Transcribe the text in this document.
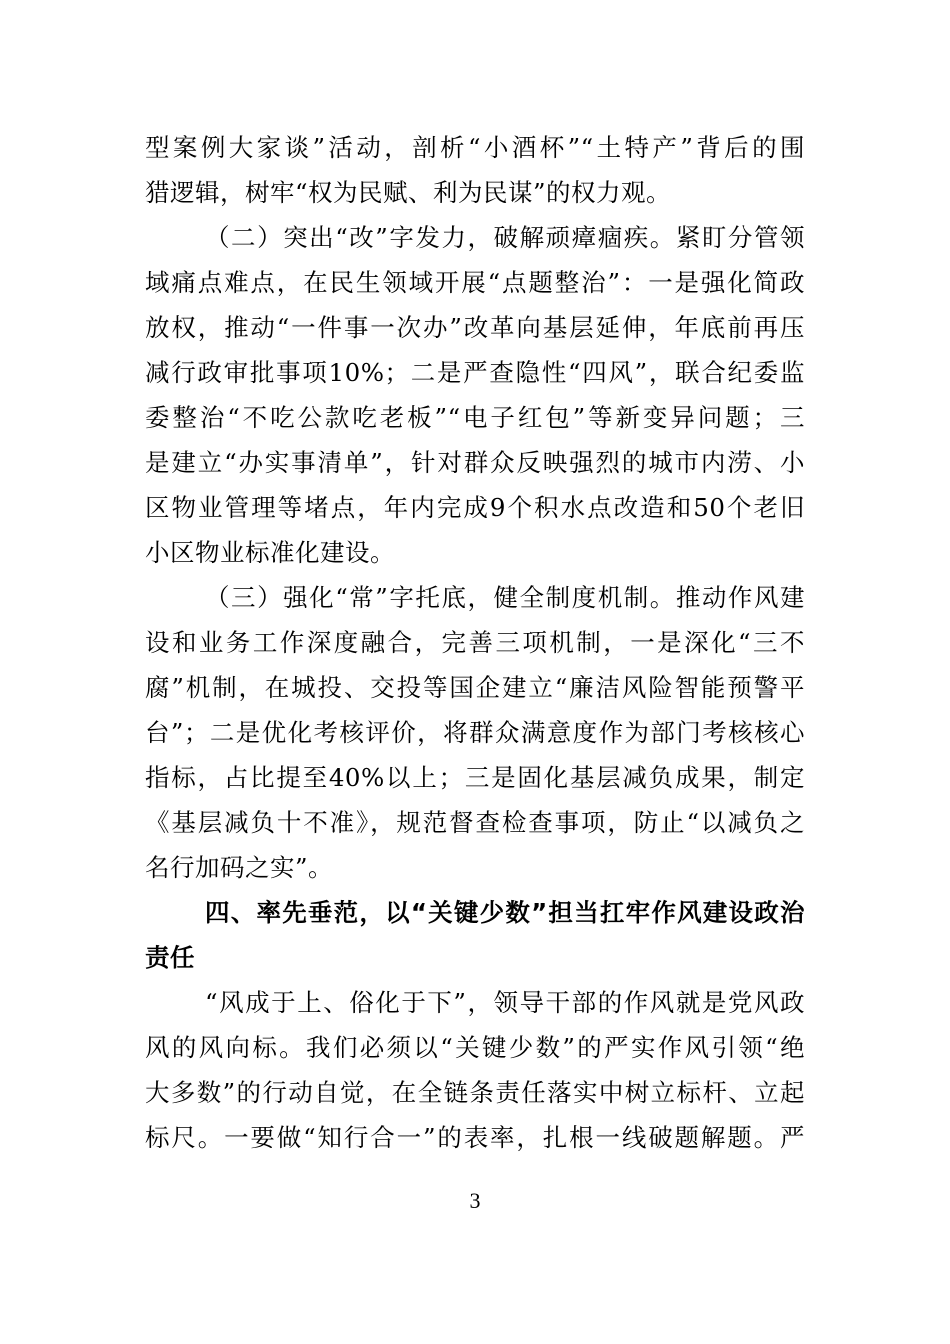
型案例大家谈”活动，剖析“小酒杯”“土特产”背后的围
猎逻辑，树牢“权为民赋、利为民谋”的权力观。
（二）突出“改”字发力，破解顽瘴痼疾。紧盯分管领
域痛点难点，在民生领域开展“点题整治”：一是强化简政
放权，推动“一件事一次办”改革向基层延伸，年底前再压
减行政审批事项10%；二是严查隐性“四风”，联合纪委监
委整治“不吃公款吃老板”“电子红包”等新变异问题；三
是建立“办实事清单”，针对群众反映强烈的城市内涝、小
区物业管理等堵点，年内完成9个积水点改造和50个老旧
小区物业标准化建设。
（三）强化“常”字托底，健全制度机制。推动作风建
设和业务工作深度融合，完善三项机制，一是深化“三不
腐”机制，在城投、交投等国企建立“廉洁风险智能预警平
台”；二是优化考核评价，将群众满意度作为部门考核核心
指标，占比提至40%以上；三是固化基层减负成果，制定
《基层减负十不准》，规范督查检查事项，防止“以减负之
名行加码之实”。
四、率先垂范，以“关键少数”担当扛牢作风建设政治
责任
“风成于上、俗化于下”，领导干部的作风就是党风政
风的风向标。我们必须以“关键少数”的严实作风引领“绝
大多数”的行动自觉，在全链条责任落实中树立标杆、立起
标尺。一要做“知行合一”的表率，扎根一线破题解题。严
3
